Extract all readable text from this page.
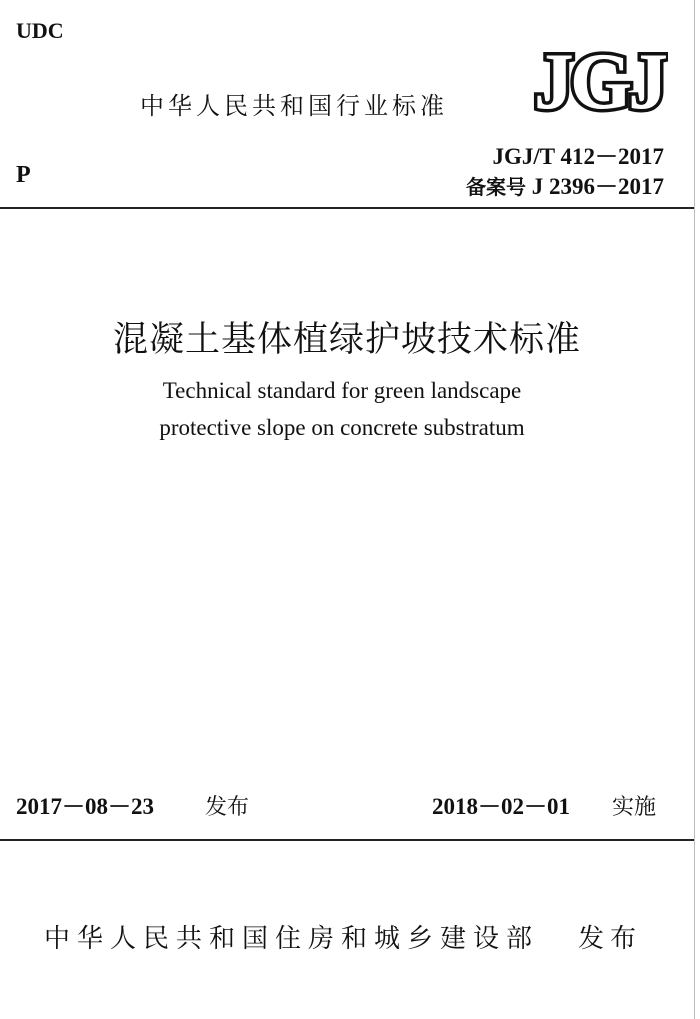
UDC
中华人民共和国行业标准
P
JGJ
JGJ/T 412－2017
备案号 J 2396－2017
混凝土基体植绿护坡技术标准
Technical standard for green landscape
protective slope on concrete substratum
2017－08－23 发布	2018－02－01 实施
中华人民共和国住房和城乡建设部 发布
